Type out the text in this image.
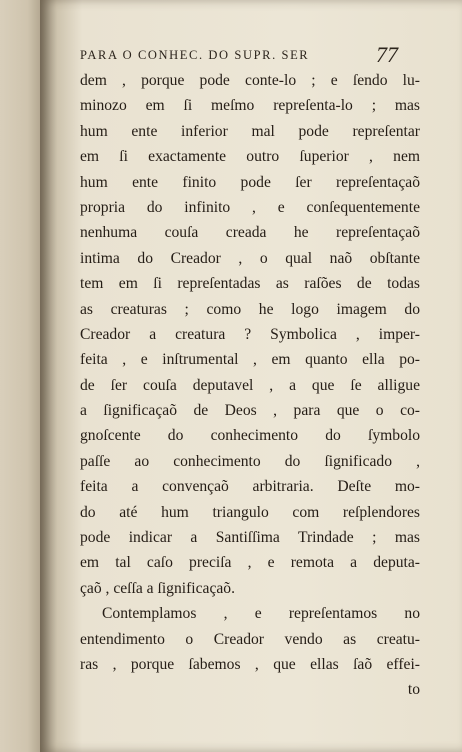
PARA O CONHEC. DO SUPR. SER	77
dem , porque pode conte-lo ; e ſendo lu-
minozo em ſi meſmo repreſenta-lo ; mas
hum ente inferior mal pode repreſentar
em ſi exactamente outro ſuperior , nem
hum ente finito pode ſer repreſentaçaõ
propria do infinito , e conſequentemente
nenhuma couſa creada he repreſentaçaõ
intima do Creador , o qual naõ obſtante
tem em ſi repreſentadas as raſões de todas
as creaturas ; como he logo imagem do
Creador a creatura ? Symbolica , imper-
feita , e inſtrumental , em quanto ella po-
de ſer couſa deputavel , a que ſe alligue
a ſignificaçaõ de Deos , para que o co-
gnoſcente do conhecimento do ſymbolo
paſſe ao conhecimento do ſignificado ,
feita a convençaõ arbitraria. Deſte mo-
do até hum triangulo com reſplendores
pode indicar a Santiſſima Trindade ; mas
em tal caſo preciſa , e remota a deputa-
çaõ , ceſſa a ſignificaçaõ.
Contemplamos , e repreſentamos no
entendimento o Creador vendo as creatu-
ras , porque ſabemos , que ellas ſaõ effei-
to
